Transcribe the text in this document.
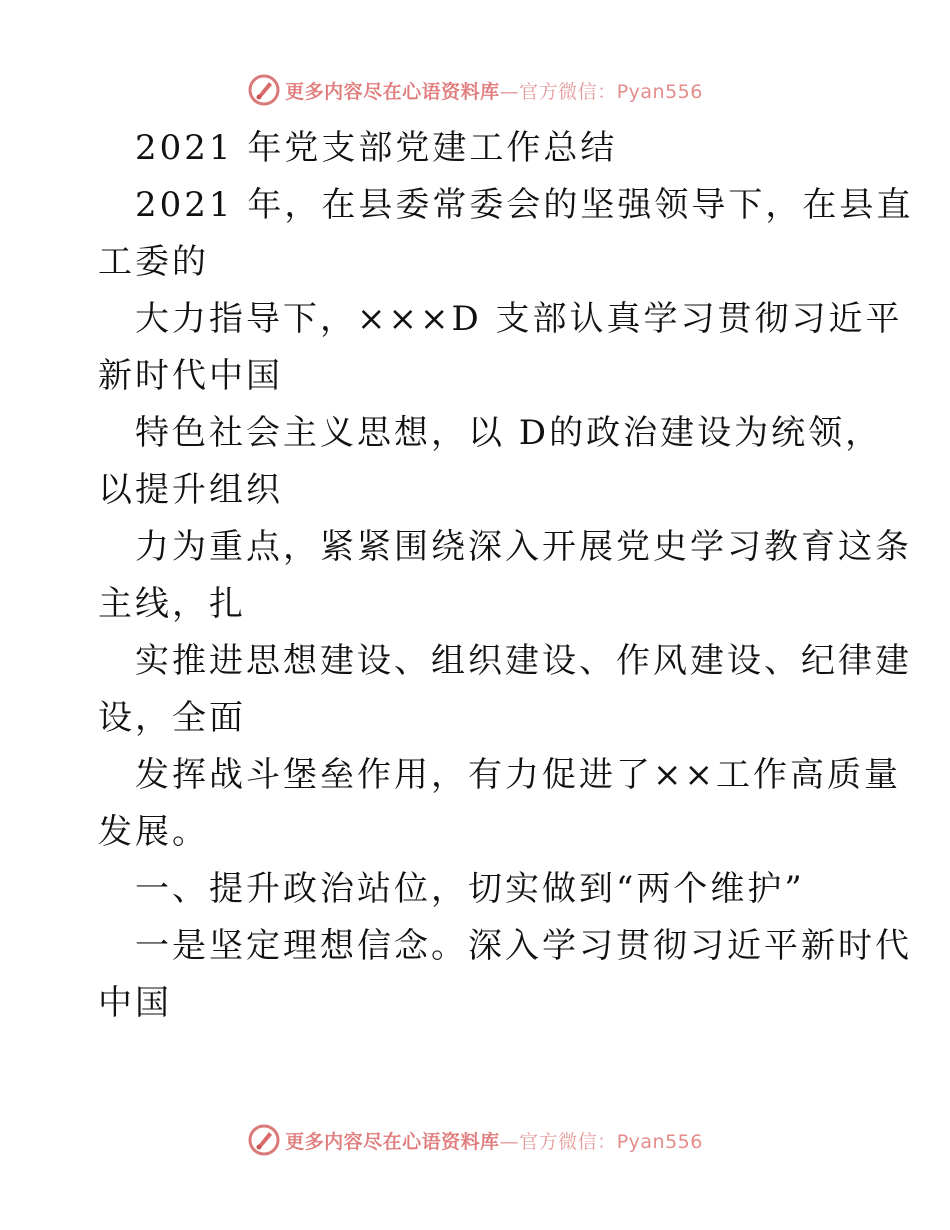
更多内容尽在心语资料库—官方微信：Pyan556
2021 年党支部党建工作总结
2021 年，在县委常委会的坚强领导下，在县直
工委的
大力指导下，×××D 支部认真学习贯彻习近平
新时代中国
特色社会主义思想，以 D的政治建设为统领，
以提升组织
力为重点，紧紧围绕深入开展党史学习教育这条
主线，扎
实推进思想建设、组织建设、作风建设、纪律建
设，全面
发挥战斗堡垒作用，有力促进了××工作高质量
发展。
一、提升政治站位，切实做到“两个维护”
一是坚定理想信念。深入学习贯彻习近平新时代
中国
更多内容尽在心语资料库—官方微信：Pyan556
